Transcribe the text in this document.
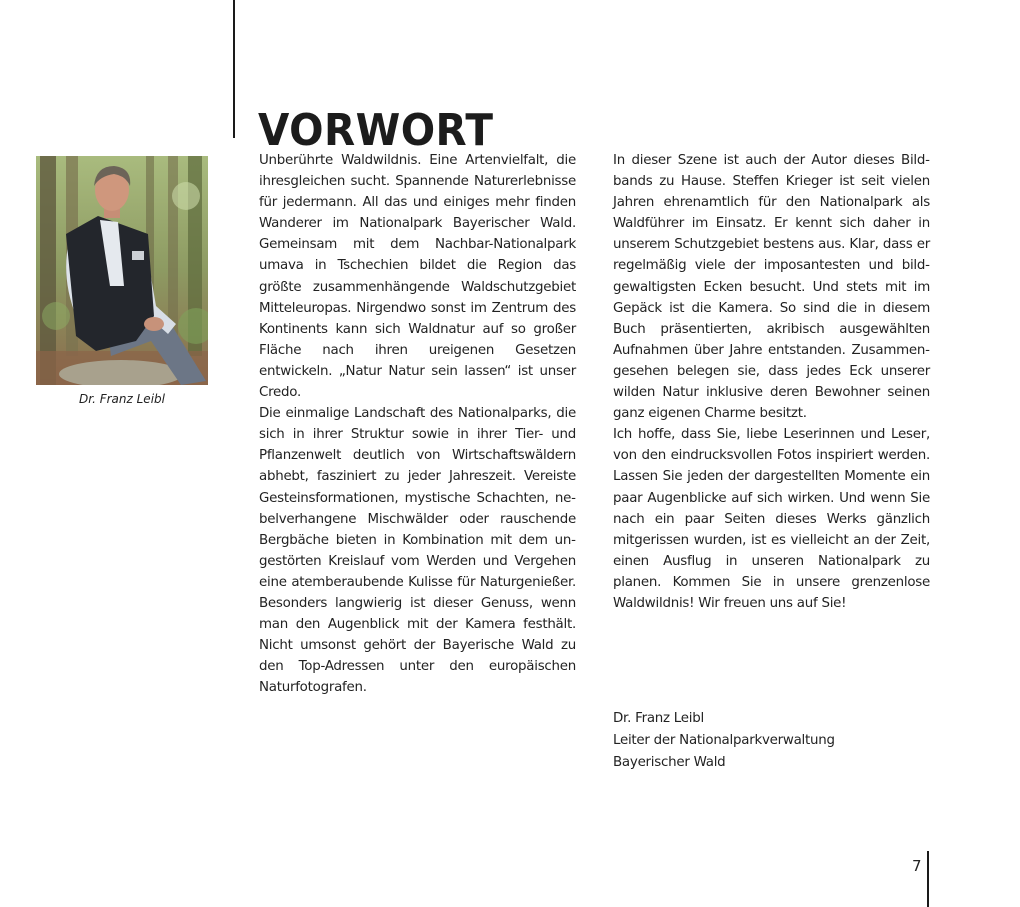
VORWORT
Dr. Franz Leibl

Unberührte Waldwildnis. Eine Artenvielfalt, die ihresgleichen sucht. Spannende Naturerlebnisse für jedermann. All das und einiges mehr finden Wanderer im Nationalpark Bayerischer Wald. Gemeinsam mit dem Nachbar-Nationalpark umava in Tschechien bildet die Region das größte zusammenhängende Waldschutzgebiet Mitteleuropas. Nirgendwo sonst im Zentrum des Kontinents kann sich Waldnatur auf so großer Fläche nach ihren ureigenen Gesetzen entwickeln. „Natur Natur sein lassen“ ist unser Credo.

Die einmalige Landschaft des Nationalparks, die sich in ihrer Struktur sowie in ihrer Tier- und Pflanzenwelt deutlich von Wirtschaftswäldern abhebt, fasziniert zu jeder Jahreszeit. Vereiste Gesteinsformationen, mystische Schachten, nebelverhangene Mischwälder oder rauschende Bergbäche bieten in Kombination mit dem ungestörten Kreislauf vom Werden und Vergehen eine atemberaubende Kulisse für Naturgenießer. Besonders langwierig ist dieser Genuss, wenn man den Augenblick mit der Kamera festhält. Nicht umsonst gehört der Bayerische Wald zu den Top-Adressen unter den europäischen Naturfotografen.

In dieser Szene ist auch der Autor dieses Bildbands zu Hause. Steffen Krieger ist seit vielen Jahren ehrenamtlich für den Nationalpark als Waldführer im Einsatz. Er kennt sich daher in unserem Schutzgebiet bestens aus. Klar, dass er regelmäßig viele der imposantesten und bildgewaltigsten Ecken besucht. Und stets mit im Gepäck ist die Kamera. So sind die in diesem Buch präsentierten, akribisch ausgewählten Aufnahmen über Jahre entstanden. Zusammengesehen belegen sie, dass jedes Eck unserer wilden Natur inklusive deren Bewohner seinen ganz eigenen Charme besitzt.

Ich hoffe, dass Sie, liebe Leserinnen und Leser, von den eindrucksvollen Fotos inspiriert werden. Lassen Sie jeden der dargestellten Momente ein paar Augenblicke auf sich wirken. Und wenn Sie nach ein paar Seiten dieses Werks gänzlich mitgerissen wurden, ist es vielleicht an der Zeit, einen Ausflug in unseren Nationalpark zu planen. Kommen Sie in unsere grenzenlose Waldwildnis! Wir freuen uns auf Sie!

Dr. Franz Leibl
Leiter der Nationalparkverwaltung
Bayerischer Wald
7
